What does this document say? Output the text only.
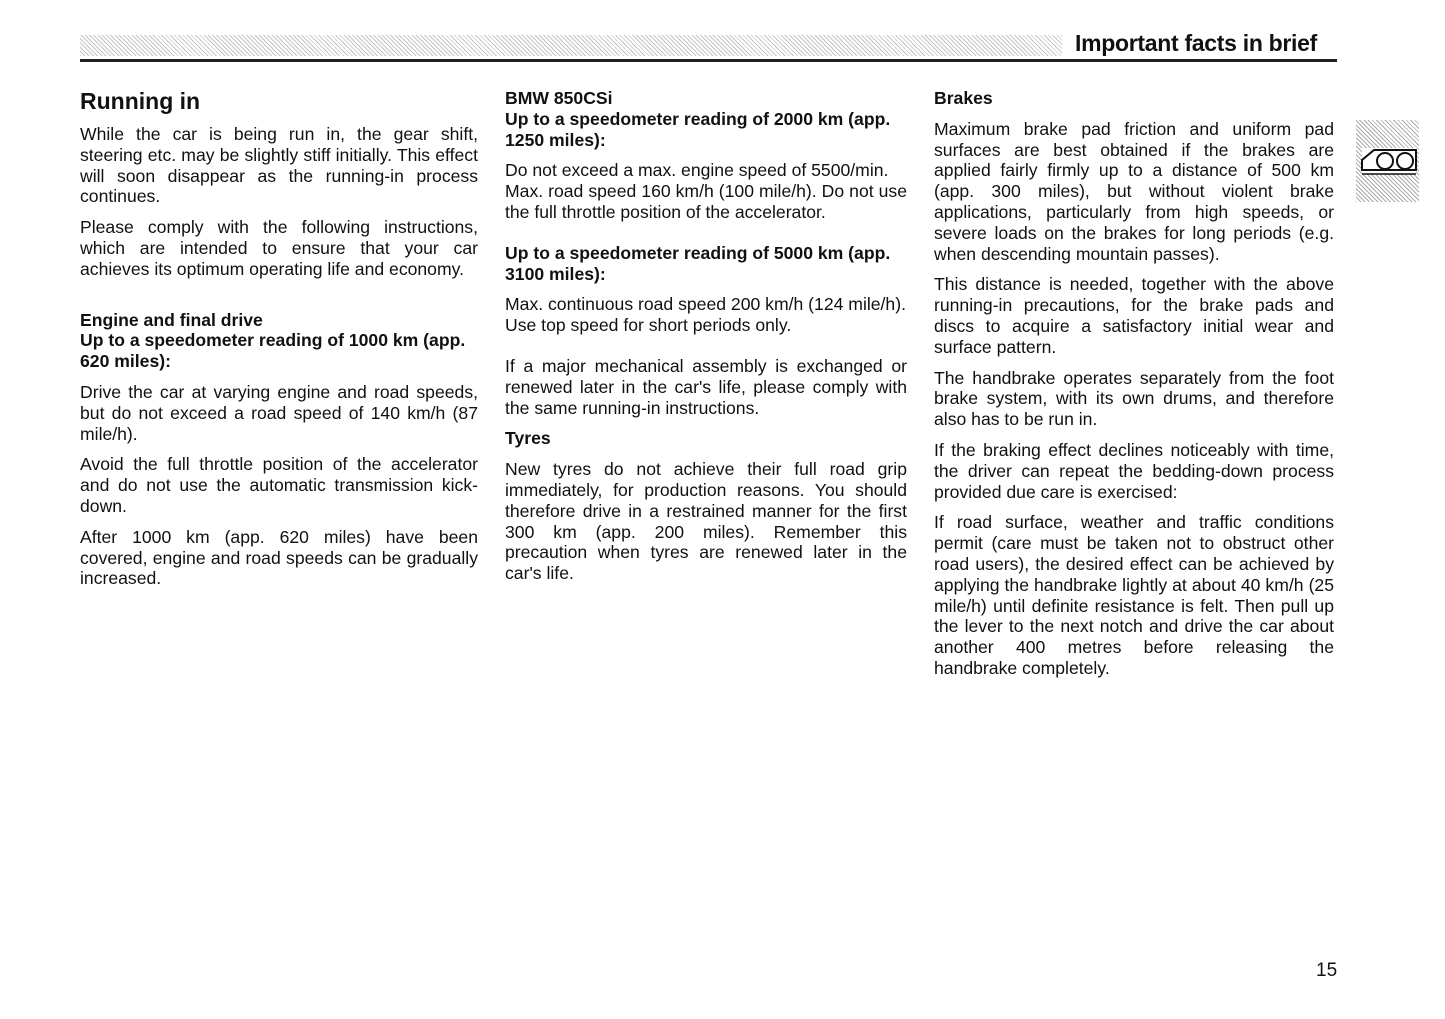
Important facts in brief
Running in

While the car is being run in, the gear shift, steering etc. may be slightly stiff initially. This effect will soon disappear as the running-in process continues.

Please comply with the following instructions, which are intended to ensure that your car achieves its optimum operating life and economy.

Engine and final drive
Up to a speedometer reading of 1000 km (app. 620 miles):

Drive the car at varying engine and road speeds, but do not exceed a road speed of 140 km/h (87 mile/h).

Avoid the full throttle position of the accelerator and do not use the automatic transmission kick-down.

After 1000 km (app. 620 miles) have been covered, engine and road speeds can be gradually increased.

BMW 850CSi
Up to a speedometer reading of 2000 km (app. 1250 miles):

Do not exceed a max. engine speed of 5500/min.
Max. road speed 160 km/h (100 mile/h). Do not use the full throttle position of the accelerator.

Up to a speedometer reading of 5000 km (app. 3100 miles):

Max. continuous road speed 200 km/h (124 mile/h).
Use top speed for short periods only.

If a major mechanical assembly is exchanged or renewed later in the car's life, please comply with the same running-in instructions.

Tyres

New tyres do not achieve their full road grip immediately, for production reasons. You should therefore drive in a restrained manner for the first 300 km (app. 200 miles). Remember this precaution when tyres are renewed later in the car's life.

Brakes

Maximum brake pad friction and uniform pad surfaces are best obtained if the brakes are applied fairly firmly up to a distance of 500 km (app. 300 miles), but without violent brake applications, particularly from high speeds, or severe loads on the brakes for long periods (e.g. when descending mountain passes).

This distance is needed, together with the above running-in precautions, for the brake pads and discs to acquire a satisfactory initial wear and surface pattern.

The handbrake operates separately from the foot brake system, with its own drums, and therefore also has to be run in.

If the braking effect declines noticeably with time, the driver can repeat the bedding-down process provided due care is exercised:

If road surface, weather and traffic conditions permit (care must be taken not to obstruct other road users), the desired effect can be achieved by applying the handbrake lightly at about 40 km/h (25 mile/h) until definite resistance is felt. Then pull up the lever to the next notch and drive the car about another 400 metres before releasing the handbrake completely.

15
